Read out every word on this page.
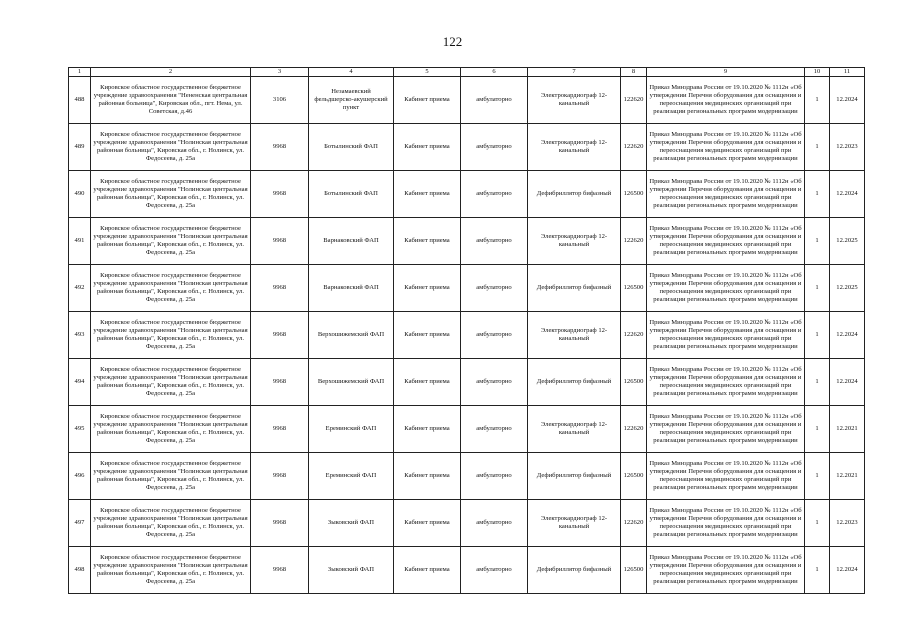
122
1	2	3	4	5	6	7	8	9	10	11
488	Кировское областное государственное бюджетное учреждение здравоохранения "Нененская центральная районная больница", Кировская обл., пгт. Нема, ул. Советская, д.46	3106	Незамаевский фельдшерско-акушерский пункт	Кабинет приема	амбулаторно	Электрокардиограф 12-канальный	122620	Приказ Минздрава России от 19.10.2020 № 1112н «Об утверждении Перечня оборудования для оснащения и переоснащения медицинских организаций при реализации региональных программ модернизации	1	12.2024
489	Кировское областное государственное бюджетное учреждение здравоохранения "Нолинская центральная районная больница", Кировская обл., г. Нолинск, ул. Федосеева, д. 25а	9968	Ботылинский ФАП	Кабинет приема	амбулаторно	Электрокардиограф 12-канальный	122620	Приказ Минздрава России от 19.10.2020 № 1112н «Об утверждении Перечня оборудования для оснащения и переоснащения медицинских организаций при реализации региональных программ модернизации	1	12.2023
490	Кировское областное государственное бюджетное учреждение здравоохранения "Нолинская центральная районная больница", Кировская обл., г. Нолинск, ул. Федосеева, д. 25а	9968	Ботылинский ФАП	Кабинет приема	амбулаторно	Дефибриллятор бифазный	126500	Приказ Минздрава России от 19.10.2020 № 1112н «Об утверждении Перечня оборудования для оснащения и переоснащения медицинских организаций при реализации региональных программ модернизации	1	12.2024
491	Кировское областное государственное бюджетное учреждение здравоохранения "Нолинская центральная районная больница", Кировская обл., г. Нолинск, ул. Федосеева, д. 25а	9968	Варнаковский ФАП	Кабинет приема	амбулаторно	Электрокардиограф 12-канальный	122620	Приказ Минздрава России от 19.10.2020 № 1112н «Об утверждении Перечня оборудования для оснащения и переоснащения медицинских организаций при реализации региональных программ модернизации	1	12.2025
492	Кировское областное государственное бюджетное учреждение здравоохранения "Нолинская центральная районная больница", Кировская обл., г. Нолинск, ул. Федосеева, д. 25а	9968	Варнаковский ФАП	Кабинет приема	амбулаторно	Дефибриллятор бифазный	126500	Приказ Минздрава России от 19.10.2020 № 1112н «Об утверждении Перечня оборудования для оснащения и переоснащения медицинских организаций при реализации региональных программ модернизации	1	12.2025
493	Кировское областное государственное бюджетное учреждение здравоохранения "Нолинская центральная районная больница", Кировская обл., г. Нолинск, ул. Федосеева, д. 25а	9968	Верхошижемский ФАП	Кабинет приема	амбулаторно	Электрокардиограф 12-канальный	122620	Приказ Минздрава России от 19.10.2020 № 1112н «Об утверждении Перечня оборудования для оснащения и переоснащения медицинских организаций при реализации региональных программ модернизации	1	12.2024
494	Кировское областное государственное бюджетное учреждение здравоохранения "Нолинская центральная районная больница", Кировская обл., г. Нолинск, ул. Федосеева, д. 25а	9968	Верхошижемский ФАП	Кабинет приема	амбулаторно	Дефибриллятор бифазный	126500	Приказ Минздрава России от 19.10.2020 № 1112н «Об утверждении Перечня оборудования для оснащения и переоснащения медицинских организаций при реализации региональных программ модернизации	1	12.2024
495	Кировское областное государственное бюджетное учреждение здравоохранения "Нолинская центральная районная больница", Кировская обл., г. Нолинск, ул. Федосеева, д. 25а	9968	Ереминский ФАП	Кабинет приема	амбулаторно	Электрокардиограф 12-канальный	122620	Приказ Минздрава России от 19.10.2020 № 1112н «Об утверждении Перечня оборудования для оснащения и переоснащения медицинских организаций при реализации региональных программ модернизации	1	12.2021
496	Кировское областное государственное бюджетное учреждение здравоохранения "Нолинская центральная районная больница", Кировская обл., г. Нолинск, ул. Федосеева, д. 25а	9968	Ереминский ФАП	Кабинет приема	амбулаторно	Дефибриллятор бифазный	126500	Приказ Минздрава России от 19.10.2020 № 1112н «Об утверждении Перечня оборудования для оснащения и переоснащения медицинских организаций при реализации региональных программ модернизации	1	12.2021
497	Кировское областное государственное бюджетное учреждение здравоохранения "Нолинская центральная районная больница", Кировская обл., г. Нолинск, ул. Федосеева, д. 25а	9968	Зыковский ФАП	Кабинет приема	амбулаторно	Электрокардиограф 12-канальный	122620	Приказ Минздрава России от 19.10.2020 № 1112н «Об утверждении Перечня оборудования для оснащения и переоснащения медицинских организаций при реализации региональных программ модернизации	1	12.2023
498	Кировское областное государственное бюджетное учреждение здравоохранения "Нолинская центральная районная больница", Кировская обл., г. Нолинск, ул. Федосеева, д. 25а	9968	Зыковский ФАП	Кабинет приема	амбулаторно	Дефибриллятор бифазный	126500	Приказ Минздрава России от 19.10.2020 № 1112н «Об утверждении Перечня оборудования для оснащения и переоснащения медицинских организаций при реализации региональных программ модернизации	1	12.2024
